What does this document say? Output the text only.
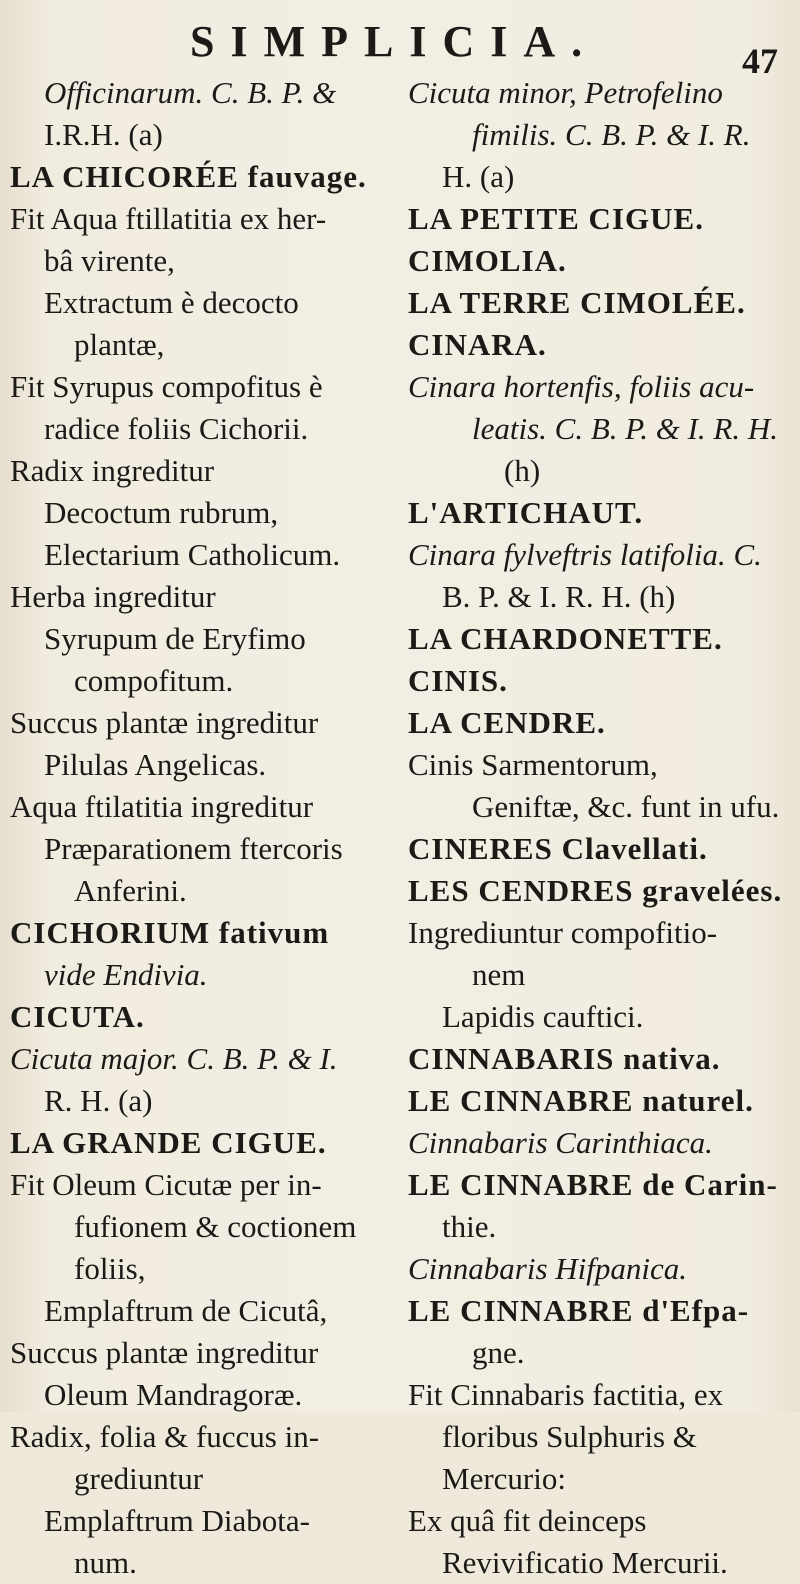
SIMPLICIA.	47
Officinarum. C. B. P. &
I.R.H. (a)
LA CHICORÉE fauvage.
Fit Aqua ftillatitia ex her-
bâ virente,
Extractum è decocto
plantæ,
Fit Syrupus compofitus è
radice foliis Cichorii.
Radix ingreditur
Decoctum rubrum,
Electarium Catholicum.
Herba ingreditur
Syrupum de Eryfimo
compofitum.
Succus plantæ ingreditur
Pilulas Angelicas.
Aqua ftilatitia ingreditur
Præparationem ftercoris
Anferini.
CICHORIUM fativum
vide Endivia.
CICUTA.
Cicuta major. C. B. P. & I.
R. H. (a)
LA GRANDE CIGUE.
Fit Oleum Cicutæ per in-
fufionem & coctionem
foliis,
Emplaftrum de Cicutâ,
Succus plantæ ingreditur
Oleum Mandragoræ.
Radix, folia & fuccus in-
grediuntur
Emplaftrum Diabota-
num.
Cicuta minor, Petrofelino
fimilis. C. B. P. & I. R.
H. (a)
LA PETITE CIGUE.
CIMOLIA.
LA TERRE CIMOLÉE.
CINARA.
Cinara hortenfis, foliis acu-
leatis. C. B. P. & I. R. H.
(h)
L'ARTICHAUT.
Cinara fylveftris latifolia. C.
B. P. & I. R. H. (h)
LA CHARDONETTE.
CINIS.
LA CENDRE.
Cinis Sarmentorum,
Geniftæ, &c. funt in ufu.
CINERES Clavellati.
LES CENDRES gravelées.
Ingrediuntur compofitio-
nem
Lapidis cauftici.
CINNABARIS nativa.
LE CINNABRE naturel.
Cinnabaris Carinthiaca.
LE CINNABRE de Carin-
thie.
Cinnabaris Hifpanica.
LE CINNABRE d'Efpa-
gne.
Fit Cinnabaris factitia, ex
floribus Sulphuris &
Mercurio:
Ex quâ fit deinceps
Revivificatio Mercurii.
